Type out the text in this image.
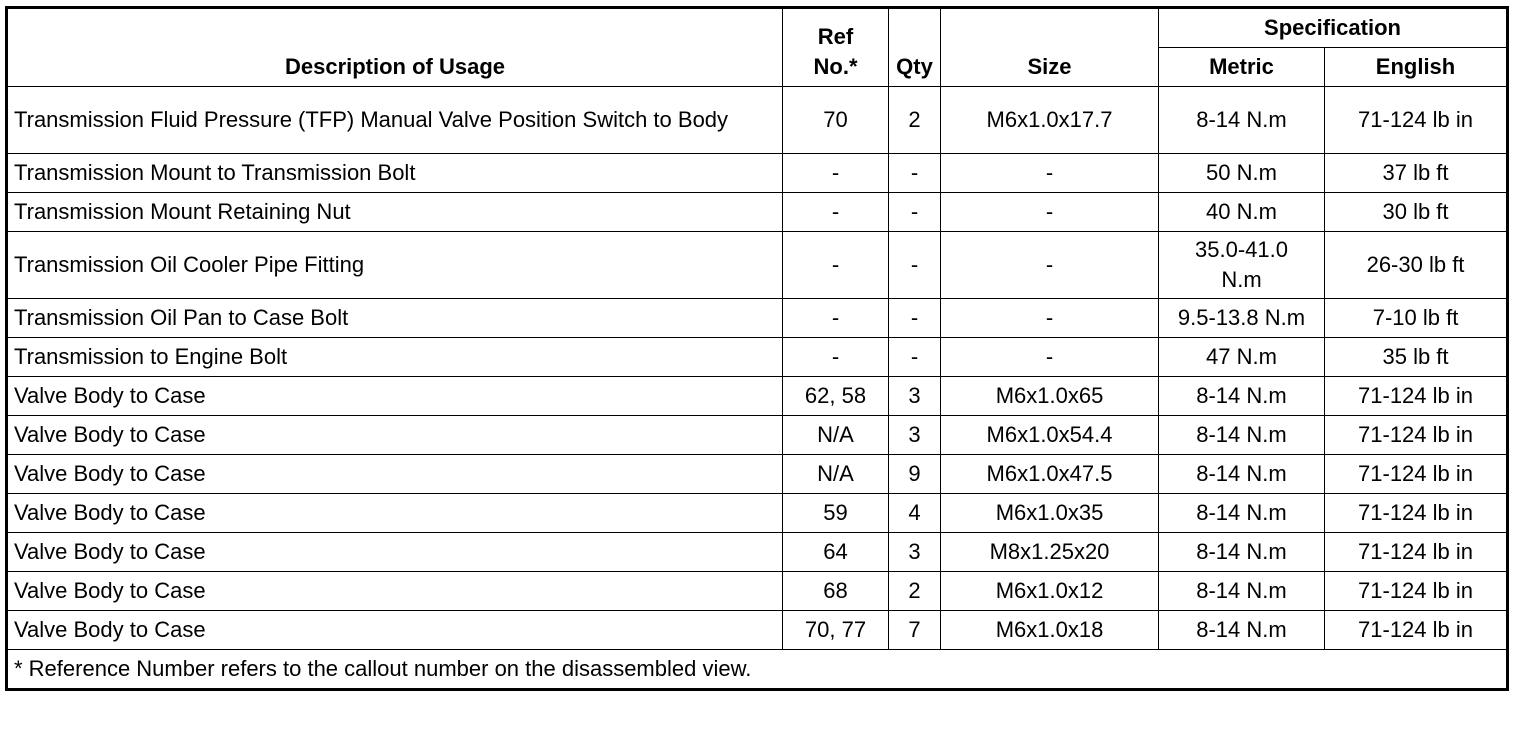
Description of Usage	Ref No.*	Qty	Size	Specification	
				Metric	English
Transmission Fluid Pressure (TFP) Manual Valve Position Switch to Body	70	2	M6x1.0x17.7	8-14 N.m	71-124 lb in
Transmission Mount to Transmission Bolt	-	-	-	50 N.m	37 lb ft
Transmission Mount Retaining Nut	-	-	-	40 N.m	30 lb ft
Transmission Oil Cooler Pipe Fitting	-	-	-	35.0-41.0 N.m	26-30 lb ft
Transmission Oil Pan to Case Bolt	-	-	-	9.5-13.8 N.m	7-10 lb ft
Transmission to Engine Bolt	-	-	-	47 N.m	35 lb ft
Valve Body to Case	62, 58	3	M6x1.0x65	8-14 N.m	71-124 lb in
Valve Body to Case	N/A	3	M6x1.0x54.4	8-14 N.m	71-124 lb in
Valve Body to Case	N/A	9	M6x1.0x47.5	8-14 N.m	71-124 lb in
Valve Body to Case	59	4	M6x1.0x35	8-14 N.m	71-124 lb in
Valve Body to Case	64	3	M8x1.25x20	8-14 N.m	71-124 lb in
Valve Body to Case	68	2	M6x1.0x12	8-14 N.m	71-124 lb in
Valve Body to Case	70, 77	7	M6x1.0x18	8-14 N.m	71-124 lb in
* Reference Number refers to the callout number on the disassembled view.					
